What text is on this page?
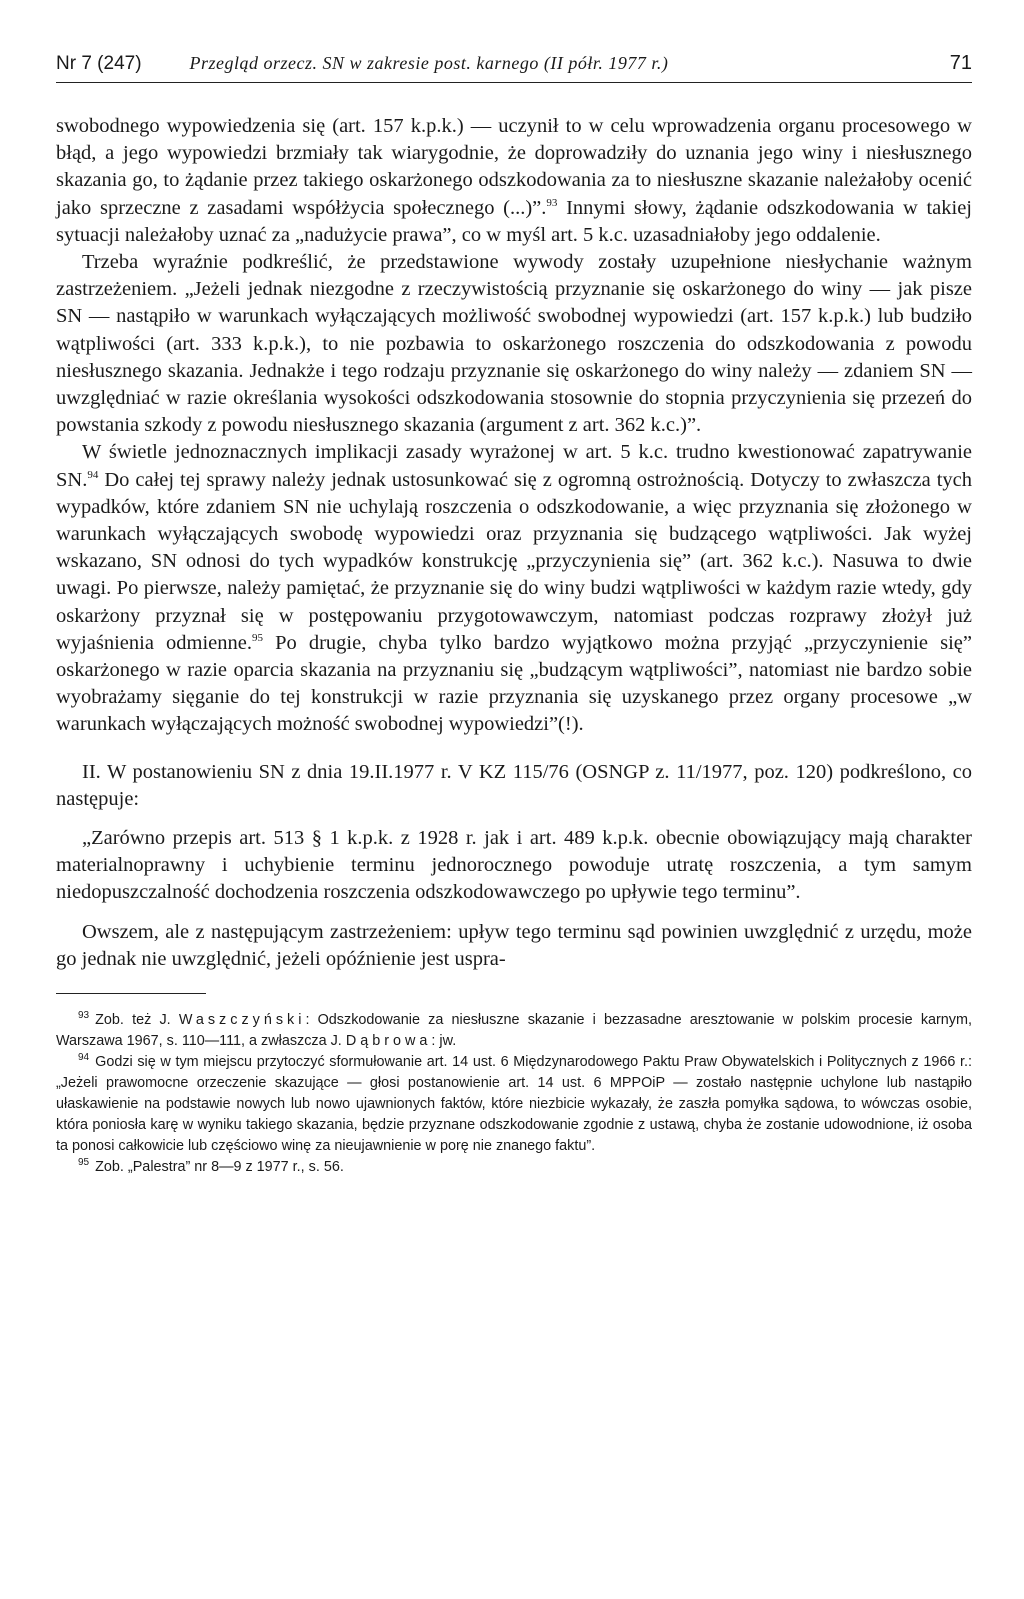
Nr 7 (247)	Przegląd orzecz. SN w zakresie post. karnego (II półr. 1977 r.)	71

swobodnego wypowiedzenia się (art. 157 k.p.k.) — uczynił to w celu wprowadzenia organu procesowego w błąd, a jego wypowiedzi brzmiały tak wiarygodnie, że doprowadziły do uznania jego winy i niesłusznego skazania go, to żądanie przez takiego oskarżonego odszkodowania za to niesłuszne skazanie należałoby ocenić jako sprzeczne z zasadami współżycia społecznego (...)”.$^{93}$ Innymi słowy, żądanie odszkodowania w takiej sytuacji należałoby uznać za „nadużycie prawa”, co w myśl art. 5 k.c. uzasadniałoby jego oddalenie.

Trzeba wyraźnie podkreślić, że przedstawione wywody zostały uzupełnione niesłychanie ważnym zastrzeżeniem. „Jeżeli jednak niezgodne z rzeczywistością przyznanie się oskarżonego do winy — jak pisze SN — nastąpiło w warunkach wyłączających możliwość swobodnej wypowiedzi (art. 157 k.p.k.) lub budziło wątpliwości (art. 333 k.p.k.), to nie pozbawia to oskarżonego roszczenia do odszkodowania z powodu niesłusznego skazania. Jednakże i tego rodzaju przyznanie się oskarżonego do winy należy — zdaniem SN — uwzględniać w razie określania wysokości odszkodowania stosownie do stopnia przyczynienia się przezeń do powstania szkody z powodu niesłusznego skazania (argument z art. 362 k.c.)”.

W świetle jednoznacznych implikacji zasady wyrażonej w art. 5 k.c. trudno kwestionować zapatrywanie SN.$^{94}$ Do całej tej sprawy należy jednak ustosunkować się z ogromną ostrożnością. Dotyczy to zwłaszcza tych wypadków, które zdaniem SN nie uchylają roszczenia o odszkodowanie, a więc przyznania się złożonego w warunkach wyłączających swobodę wypowiedzi oraz przyznania się budzącego wątpliwości. Jak wyżej wskazano, SN odnosi do tych wypadków konstrukcję „przyczynienia się” (art. 362 k.c.). Nasuwa to dwie uwagi. Po pierwsze, należy pamiętać, że przyznanie się do winy budzi wątpliwości w każdym razie wtedy, gdy oskarżony przyznał się w postępowaniu przygotowawczym, natomiast podczas rozprawy złożył już wyjaśnienia odmienne.$^{95}$ Po drugie, chyba tylko bardzo wyjątkowo można przyjąć „przyczynienie się” oskarżonego w razie oparcia skazania na przyznaniu się „budzącym wątpliwości”, natomiast nie bardzo sobie wyobrażamy sięganie do tej konstrukcji w razie przyznania się uzyskanego przez organy procesowe „w warunkach wyłączających możność swobodnej wypowiedzi”(!).

II. W postanowieniu SN z dnia 19.II.1977 r. V KZ 115/76 (OSNGP z. 11/1977, poz. 120) podkreślono, co następuje:

„Zarówno przepis art. 513 § 1 k.p.k. z 1928 r. jak i art. 489 k.p.k. obecnie obowiązujący mają charakter materialnoprawny i uchybienie terminu jednorocznego powoduje utratę roszczenia, a tym samym niedopuszczalność dochodzenia roszczenia odszkodowawczego po upływie tego terminu”.

Owszem, ale z następującym zastrzeżeniem: upływ tego terminu sąd powinien uwzględnić z urzędu, może go jednak nie uwzględnić, jeżeli opóźnienie jest uspra-

$^{93}$ Zob. też J. Waszczyński: Odszkodowanie za niesłuszne skazanie i bezzasadne aresztowanie w polskim procesie karnym, Warszawa 1967, s. 110—111, a zwłaszcza J. Dąbrowa: jw.

$^{94}$ Godzi się w tym miejscu przytoczyć sformułowanie art. 14 ust. 6 Międzynarodowego Paktu Praw Obywatelskich i Politycznych z 1966 r.: „Jeżeli prawomocne orzeczenie skazujące — głosi postanowienie art. 14 ust. 6 MPPOiP — zostało następnie uchylone lub nastąpiło ułaskawienie na podstawie nowych lub nowo ujawnionych faktów, które niezbicie wykazały, że zaszła pomyłka sądowa, to wówczas osobie, która poniosła karę w wyniku takiego skazania, będzie przyznane odszkodowanie zgodnie z ustawą, chyba że zostanie udowodnione, iż osoba ta ponosi całkowicie lub częściowo winę za nieujawnienie w porę nie znanego faktu”.

$^{95}$ Zob. „Palestra” nr 8—9 z 1977 r., s. 56.
